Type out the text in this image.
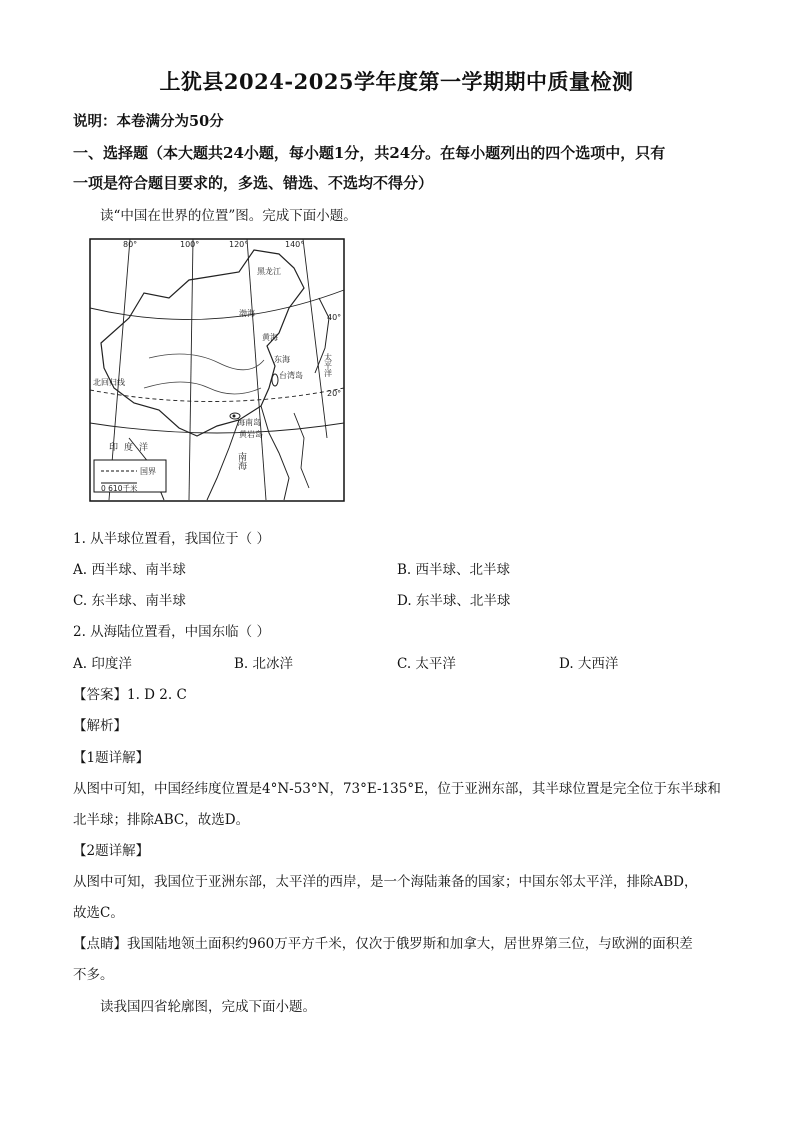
上犹县2024-2025学年度第一学期期中质量检测
说明：本卷满分为50分
一、选择题（本大题共24小题，每小题1分，共24分。在每小题列出的四个选项中，只有
一项是符合题目要求的，多选、错选、不选均不得分）
读“中国在世界的位置”图。完成下面小题。
80°	100°	120°	140°
40°
20°
黑龙江
渤海
黄海
东海
台湾岛	太平洋
北回归线
海南岛
黄岩岛
南海
印度洋
国界
0 610千米
1. 从半球位置看，我国位于（ ）
A. 西半球、南半球	B. 西半球、北半球
C. 东半球、南半球	D. 东半球、北半球
2. 从海陆位置看，中国东临（ ）
A. 印度洋	B. 北冰洋	C. 太平洋	D. 大西洋
【答案】1. D 2. C
【解析】
【1题详解】
从图中可知，中国经纬度位置是4°N-53°N，73°E-135°E，位于亚洲东部，其半球位置是完全位于东半球和
北半球；排除ABC，故选D。
【2题详解】
从图中可知，我国位于亚洲东部，太平洋的西岸，是一个海陆兼备的国家；中国东邻太平洋，排除ABD，
故选C。
【点睛】我国陆地领土面积约960万平方千米，仅次于俄罗斯和加拿大，居世界第三位，与欧洲的面积差
不多。
读我国四省轮廓图，完成下面小题。
